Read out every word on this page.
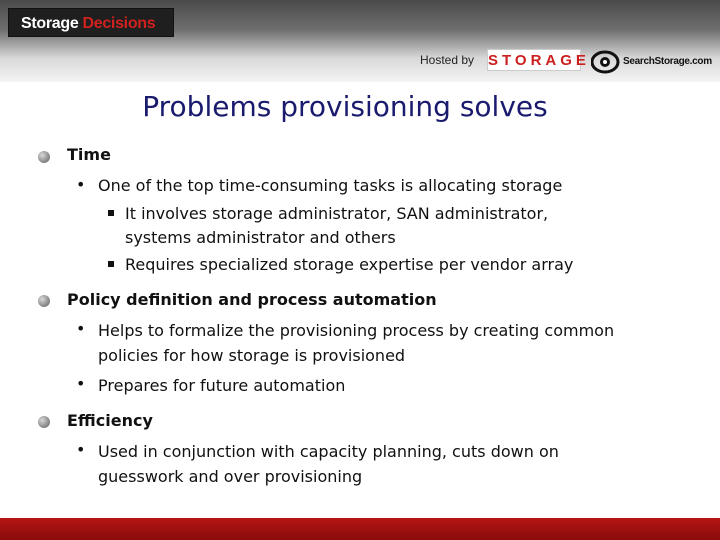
Storage Decisions
Hosted by STORAGE	SearchStorage.com
Problems provisioning solves
Time
• One of the top time-consuming tasks is allocating storage
It involves storage administrator, SAN administrator,
systems administrator and others
Requires specialized storage expertise per vendor array
Policy definition and process automation
• Helps to formalize the provisioning process by creating common
policies for how storage is provisioned
• Prepares for future automation
Efficiency
• Used in conjunction with capacity planning, cuts down on
guesswork and over provisioning
